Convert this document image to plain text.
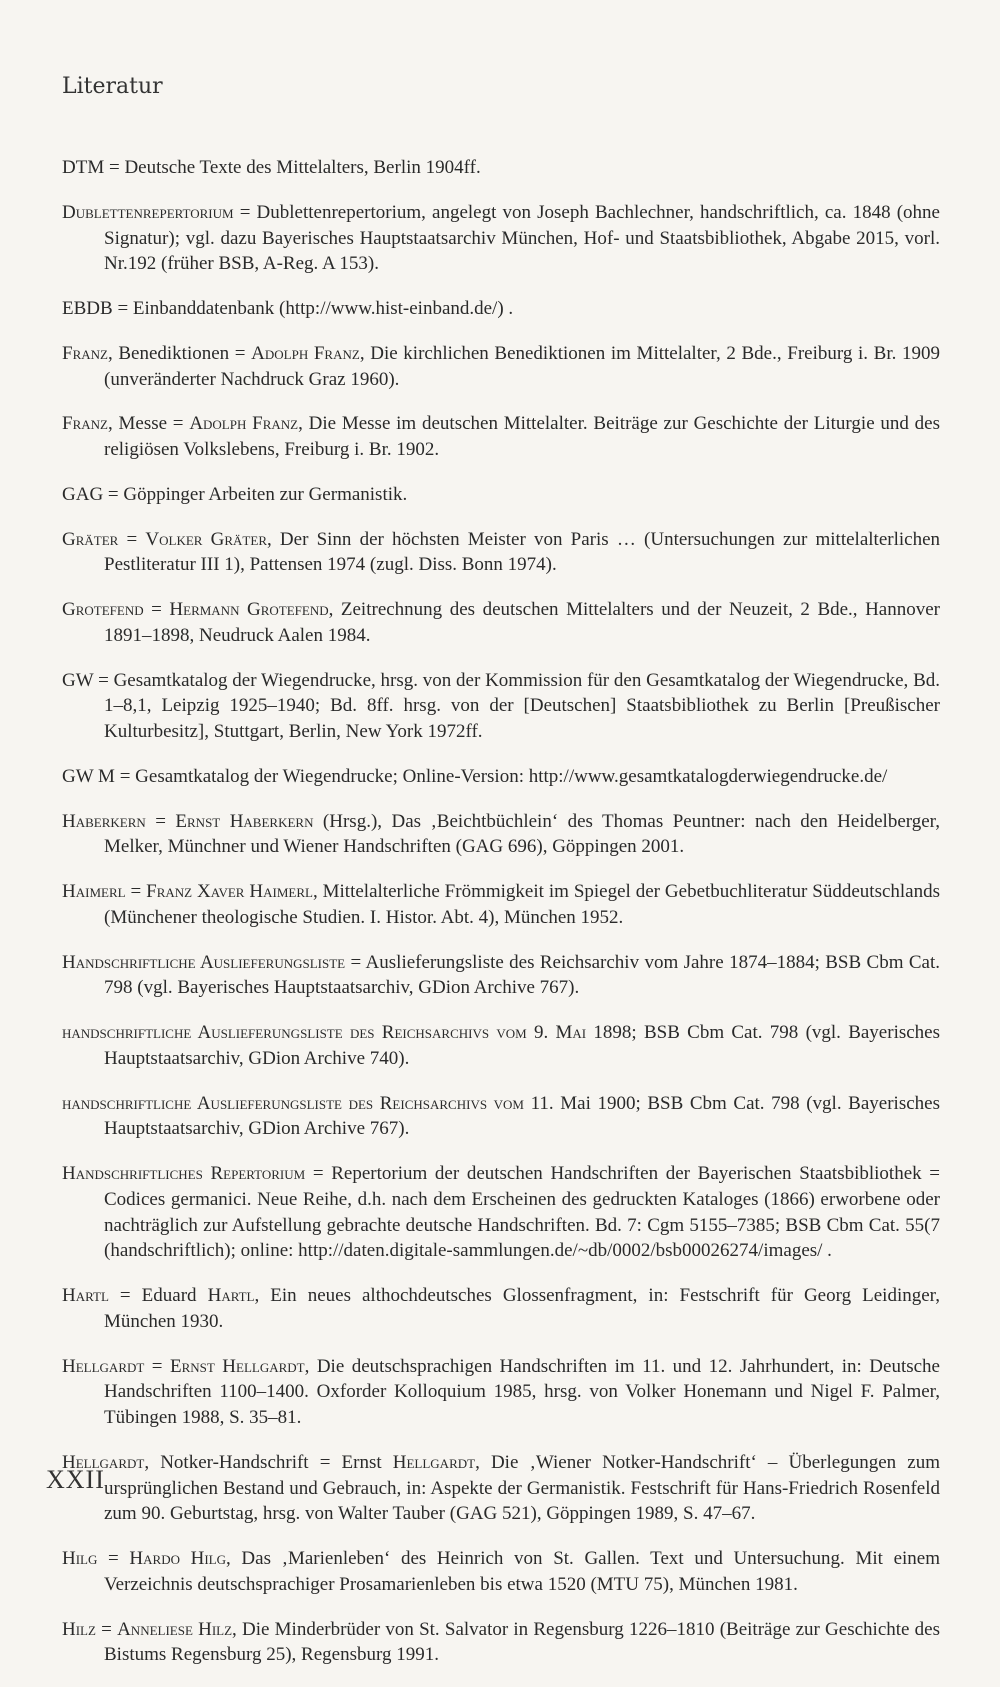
Literatur

DTM = Deutsche Texte des Mittelalters, Berlin 1904ff.

Dublettenrepertorium = Dublettenrepertorium, angelegt von Joseph Bachlechner, handschriftlich, ca. 1848 (ohne Signatur); vgl. dazu Bayerisches Hauptstaatsarchiv München, Hof- und Staatsbibliothek, Abgabe 2015, vorl. Nr.192 (früher BSB, A-Reg. A 153).

EBDB = Einbanddatenbank (http://www.hist-einband.de/) .

Franz, Benediktionen = Adolph Franz, Die kirchlichen Benediktionen im Mittelalter, 2 Bde., Freiburg i. Br. 1909 (unveränderter Nachdruck Graz 1960).

Franz, Messe = Adolph Franz, Die Messe im deutschen Mittelalter. Beiträge zur Geschichte der Liturgie und des religiösen Volkslebens, Freiburg i. Br. 1902.

GAG = Göppinger Arbeiten zur Germanistik.

Gräter = Volker Gräter, Der Sinn der höchsten Meister von Paris … (Untersuchungen zur mittelalterlichen Pestliteratur III 1), Pattensen 1974 (zugl. Diss. Bonn 1974).

Grotefend = Hermann Grotefend, Zeitrechnung des deutschen Mittelalters und der Neuzeit, 2 Bde., Hannover 1891–1898, Neudruck Aalen 1984.

GW = Gesamtkatalog der Wiegendrucke, hrsg. von der Kommission für den Gesamtkatalog der Wiegendrucke, Bd. 1–8,1, Leipzig 1925–1940; Bd. 8ff. hrsg. von der [Deutschen] Staatsbibliothek zu Berlin [Preußischer Kulturbesitz], Stuttgart, Berlin, New York 1972ff.

GW M = Gesamtkatalog der Wiegendrucke; Online-Version: http://www.gesamtkatalogderwiegendrucke.de/

Haberkern = Ernst Haberkern (Hrsg.), Das ‚Beichtbüchlein‘ des Thomas Peuntner: nach den Heidelberger, Melker, Münchner und Wiener Handschriften (GAG 696), Göppingen 2001.

Haimerl = Franz Xaver Haimerl, Mittelalterliche Frömmigkeit im Spiegel der Gebetbuchliteratur Süddeutschlands (Münchener theologische Studien. I. Histor. Abt. 4), München 1952.

Handschriftliche Auslieferungsliste = Auslieferungsliste des Reichsarchiv vom Jahre 1874–1884; BSB Cbm Cat. 798 (vgl. Bayerisches Hauptstaatsarchiv, GDion Archive 767).

handschriftliche Auslieferungsliste des Reichsarchivs vom 9. Mai 1898; BSB Cbm Cat. 798 (vgl. Bayerisches Hauptstaatsarchiv, GDion Archive 740).

handschriftliche Auslieferungsliste des Reichsarchivs vom 11. Mai 1900; BSB Cbm Cat. 798 (vgl. Bayerisches Hauptstaatsarchiv, GDion Archive 767).

Handschriftliches Repertorium = Repertorium der deutschen Handschriften der Bayerischen Staatsbibliothek = Codices germanici. Neue Reihe, d.h. nach dem Erscheinen des gedruckten Kataloges (1866) erworbene oder nachträglich zur Aufstellung gebrachte deutsche Handschriften. Bd. 7: Cgm 5155–7385; BSB Cbm Cat. 55(7 (handschriftlich); online: http://daten.digitale-sammlungen.de/~db/0002/bsb00026274/images/ .

Hartl = Eduard Hartl, Ein neues althochdeutsches Glossenfragment, in: Festschrift für Georg Leidinger, München 1930.

Hellgardt = Ernst Hellgardt, Die deutschsprachigen Handschriften im 11. und 12. Jahrhundert, in: Deutsche Handschriften 1100–1400. Oxforder Kolloquium 1985, hrsg. von Volker Honemann und Nigel F. Palmer, Tübingen 1988, S. 35–81.

Hellgardt, Notker-Handschrift = Ernst Hellgardt, Die ‚Wiener Notker-Handschrift‘ – Überlegungen zum ursprünglichen Bestand und Gebrauch, in: Aspekte der Germanistik. Festschrift für Hans-Friedrich Rosenfeld zum 90. Geburtstag, hrsg. von Walter Tauber (GAG 521), Göppingen 1989, S. 47–67.

Hilg = Hardo Hilg, Das ‚Marienleben‘ des Heinrich von St. Gallen. Text und Untersuchung. Mit einem Verzeichnis deutschsprachiger Prosamarienleben bis etwa 1520 (MTU 75), München 1981.

Hilz = Anneliese Hilz, Die Minderbrüder von St. Salvator in Regensburg 1226–1810 (Beiträge zur Geschichte des Bistums Regensburg 25), Regensburg 1991.

XXII
